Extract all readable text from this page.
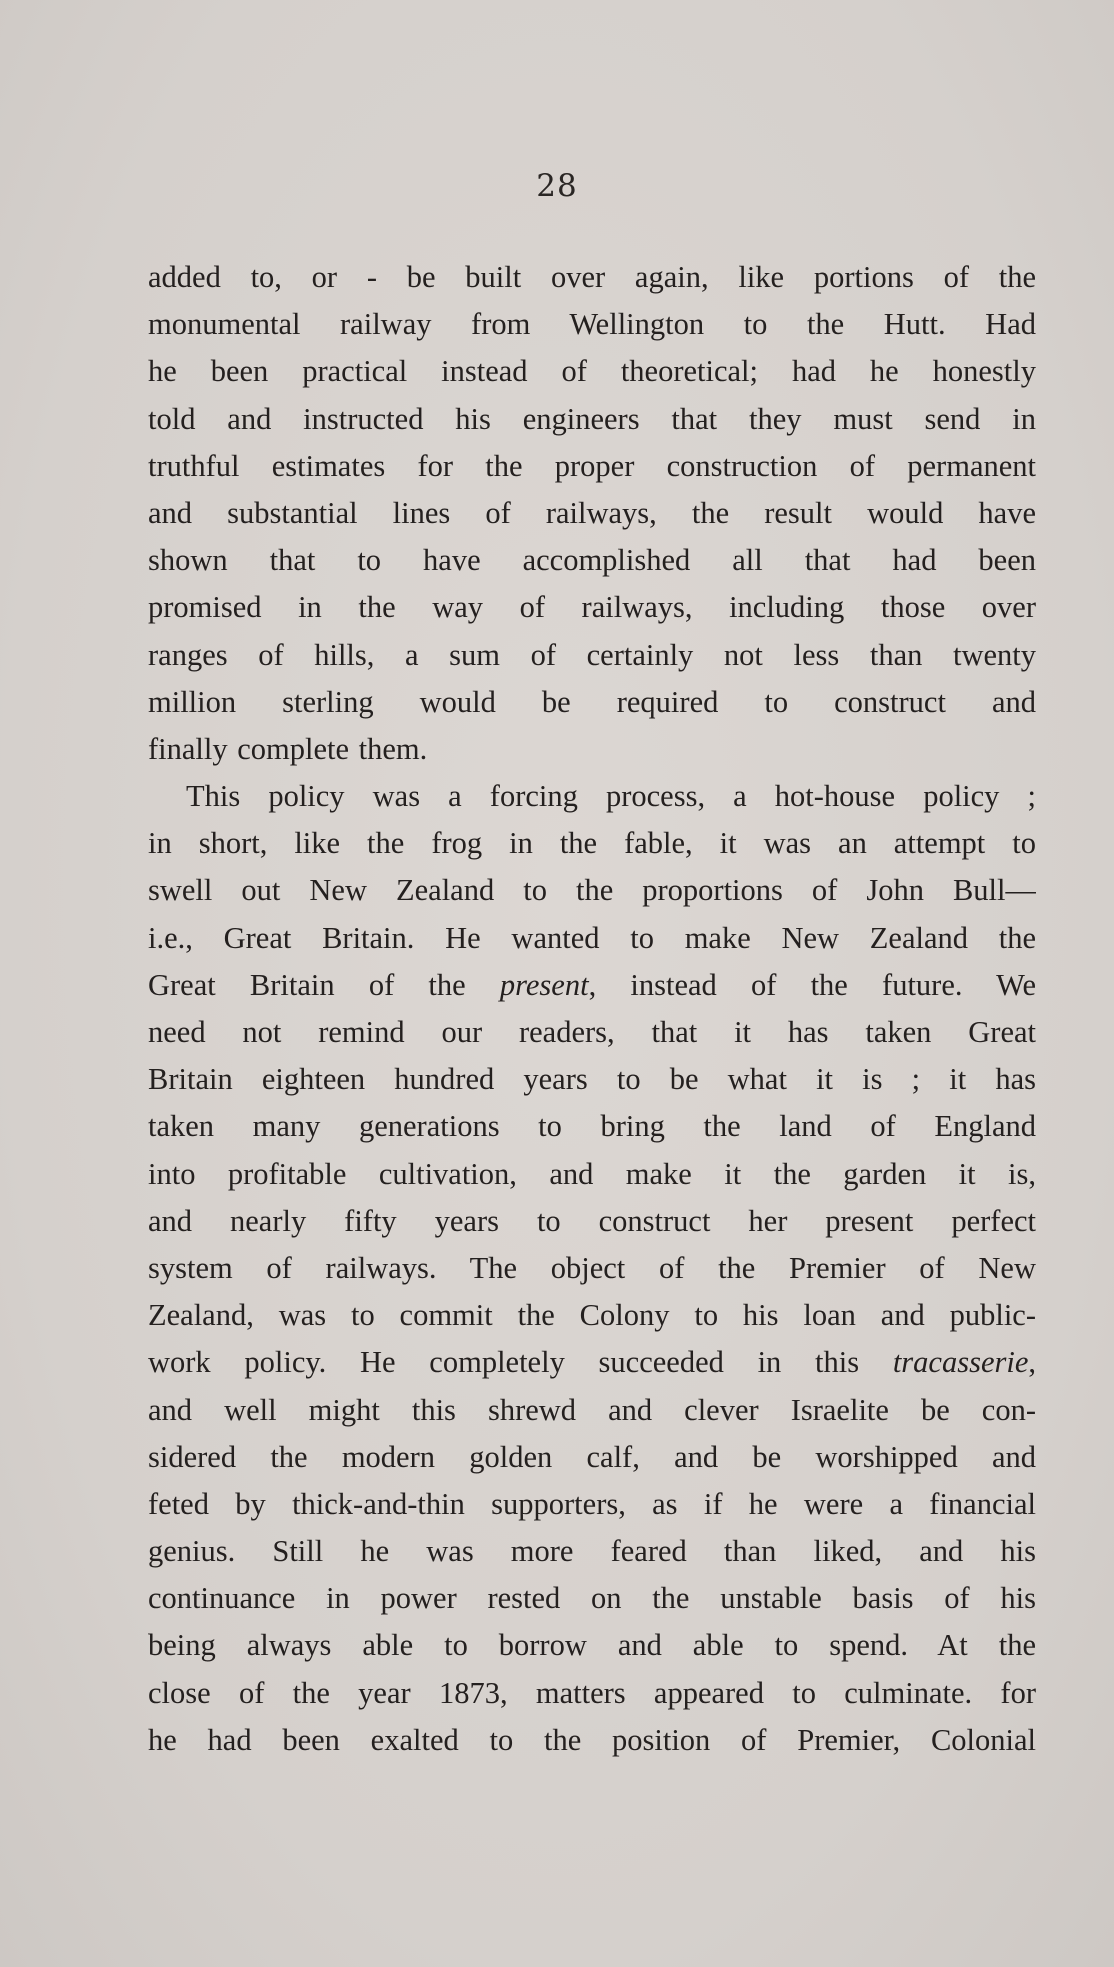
28
added to, or - be built over again, like portions of the
monumental railway from Wellington to the Hutt. Had
he been practical instead of theoretical; had he honestly
told and instructed his engineers that they must send in
truthful estimates for the proper construction of permanent
and substantial lines of railways, the result would have
shown that to have accomplished all that had been
promised in the way of railways, including those over
ranges of hills, a sum of certainly not less than twenty
million sterling would be required to construct and
finally complete them.
This policy was a forcing process, a hot-house policy ;
in short, like the frog in the fable, it was an attempt to
swell out New Zealand to the proportions of John Bull—
i.e., Great Britain. He wanted to make New Zealand the
Great Britain of the present, instead of the future. We
need not remind our readers, that it has taken Great
Britain eighteen hundred years to be what it is ; it has
taken many generations to bring the land of England
into profitable cultivation, and make it the garden it is,
and nearly fifty years to construct her present perfect
system of railways. The object of the Premier of New
Zealand, was to commit the Colony to his loan and public-
work policy. He completely succeeded in this tracasserie,
and well might this shrewd and clever Israelite be con-
sidered the modern golden calf, and be worshipped and
feted by thick-and-thin supporters, as if he were a financial
genius. Still he was more feared than liked, and his
continuance in power rested on the unstable basis of his
being always able to borrow and able to spend. At the
close of the year 1873, matters appeared to culminate. for
he had been exalted to the position of Premier, Colonial
